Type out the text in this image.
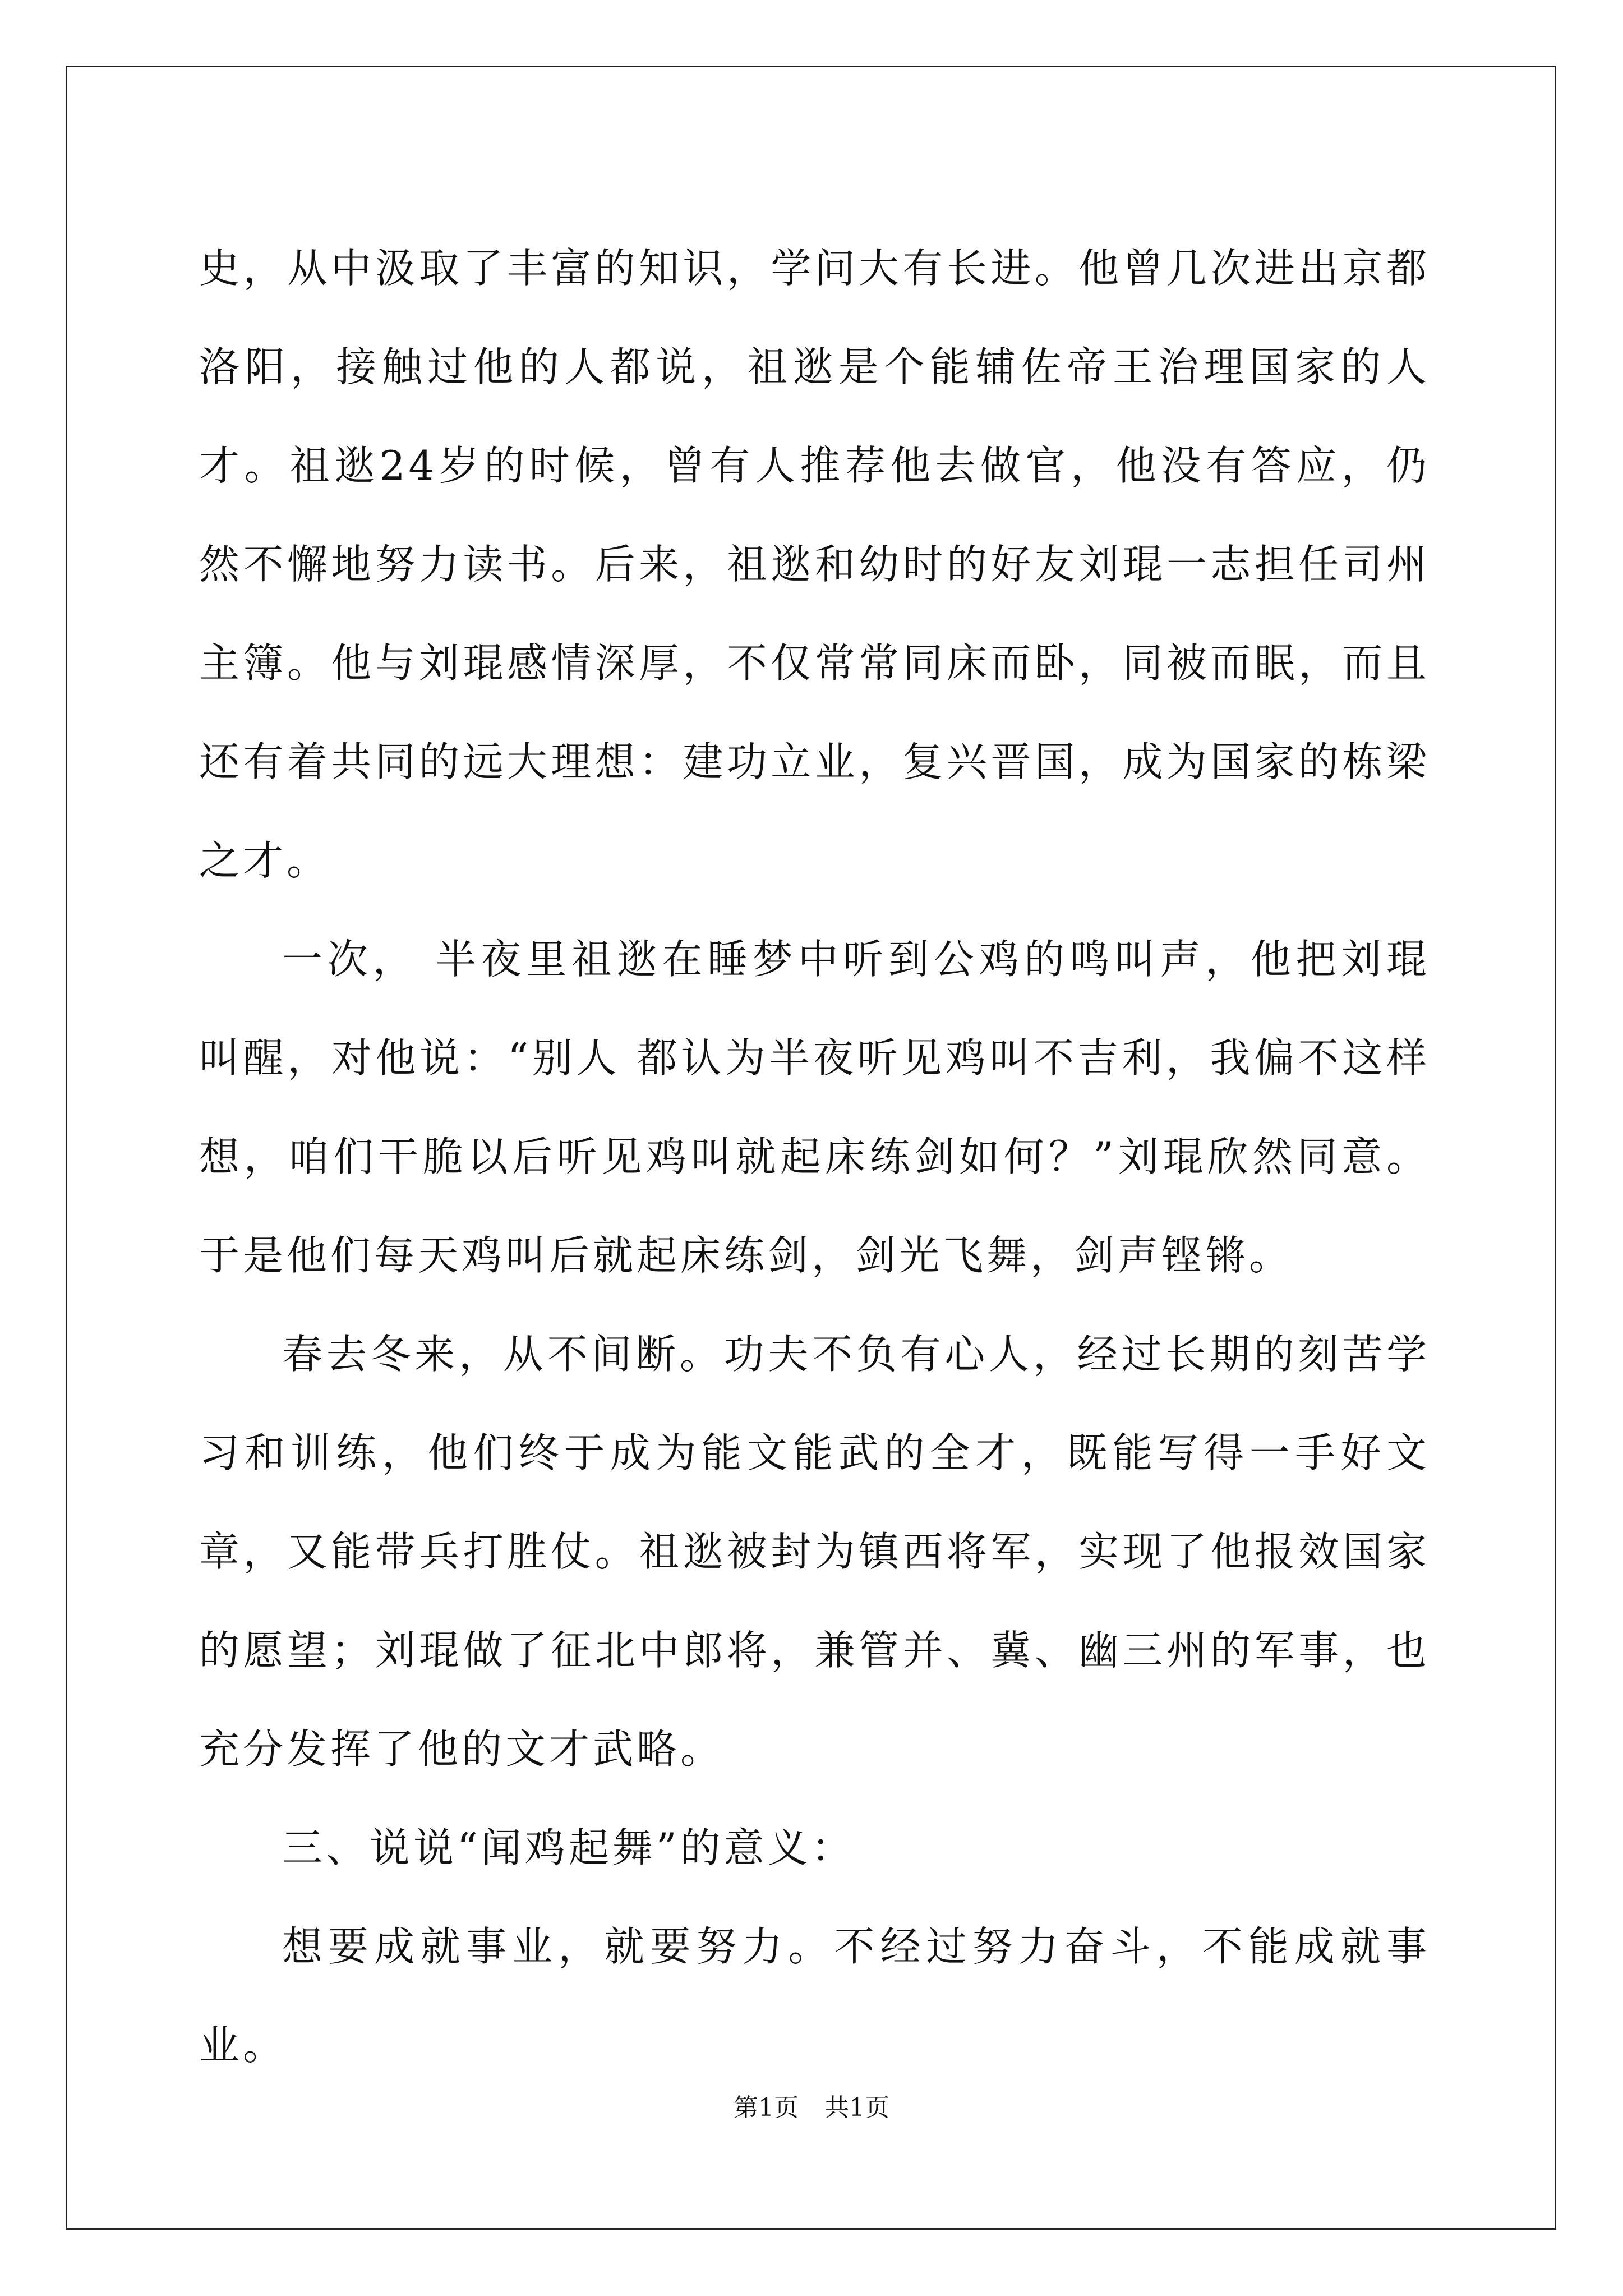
史，从中汲取了丰富的知识，学问大有长进。他曾几次进出京都洛阳，接触过他的人都说，祖逖是个能辅佐帝王治理国家的人才。祖逖24岁的时候，曾有人推荐他去做官，他没有答应，仍然不懈地努力读书。后来，祖逖和幼时的好友刘琨一志担任司州主簿。他与刘琨感情深厚，不仅常常同床而卧，同被而眠，而且还有着共同的远大理想：建功立业，复兴晋国，成为国家的栋梁之才。

一次， 半夜里祖逖在睡梦中听到公鸡的鸣叫声，他把刘琨叫醒，对他说：“别人 都认为半夜听见鸡叫不吉利，我偏不这样想，咱们干脆以后听见鸡叫就起床练剑如何？”刘琨欣然同意。于是他们每天鸡叫后就起床练剑，剑光飞舞，剑声铿锵。

春去冬来，从不间断。功夫不负有心人，经过长期的刻苦学习和训练，他们终于成为能文能武的全才，既能写得一手好文章，又能带兵打胜仗。祖逖被封为镇西将军，实现了他报效国家的愿望；刘琨做了征北中郎将，兼管并、冀、幽三州的军事，也充分发挥了他的文才武略。

三、说说“闻鸡起舞”的意义：

想要成就事业，就要努力。不经过努力奋斗，不能成就事业。

第1页 共1页
